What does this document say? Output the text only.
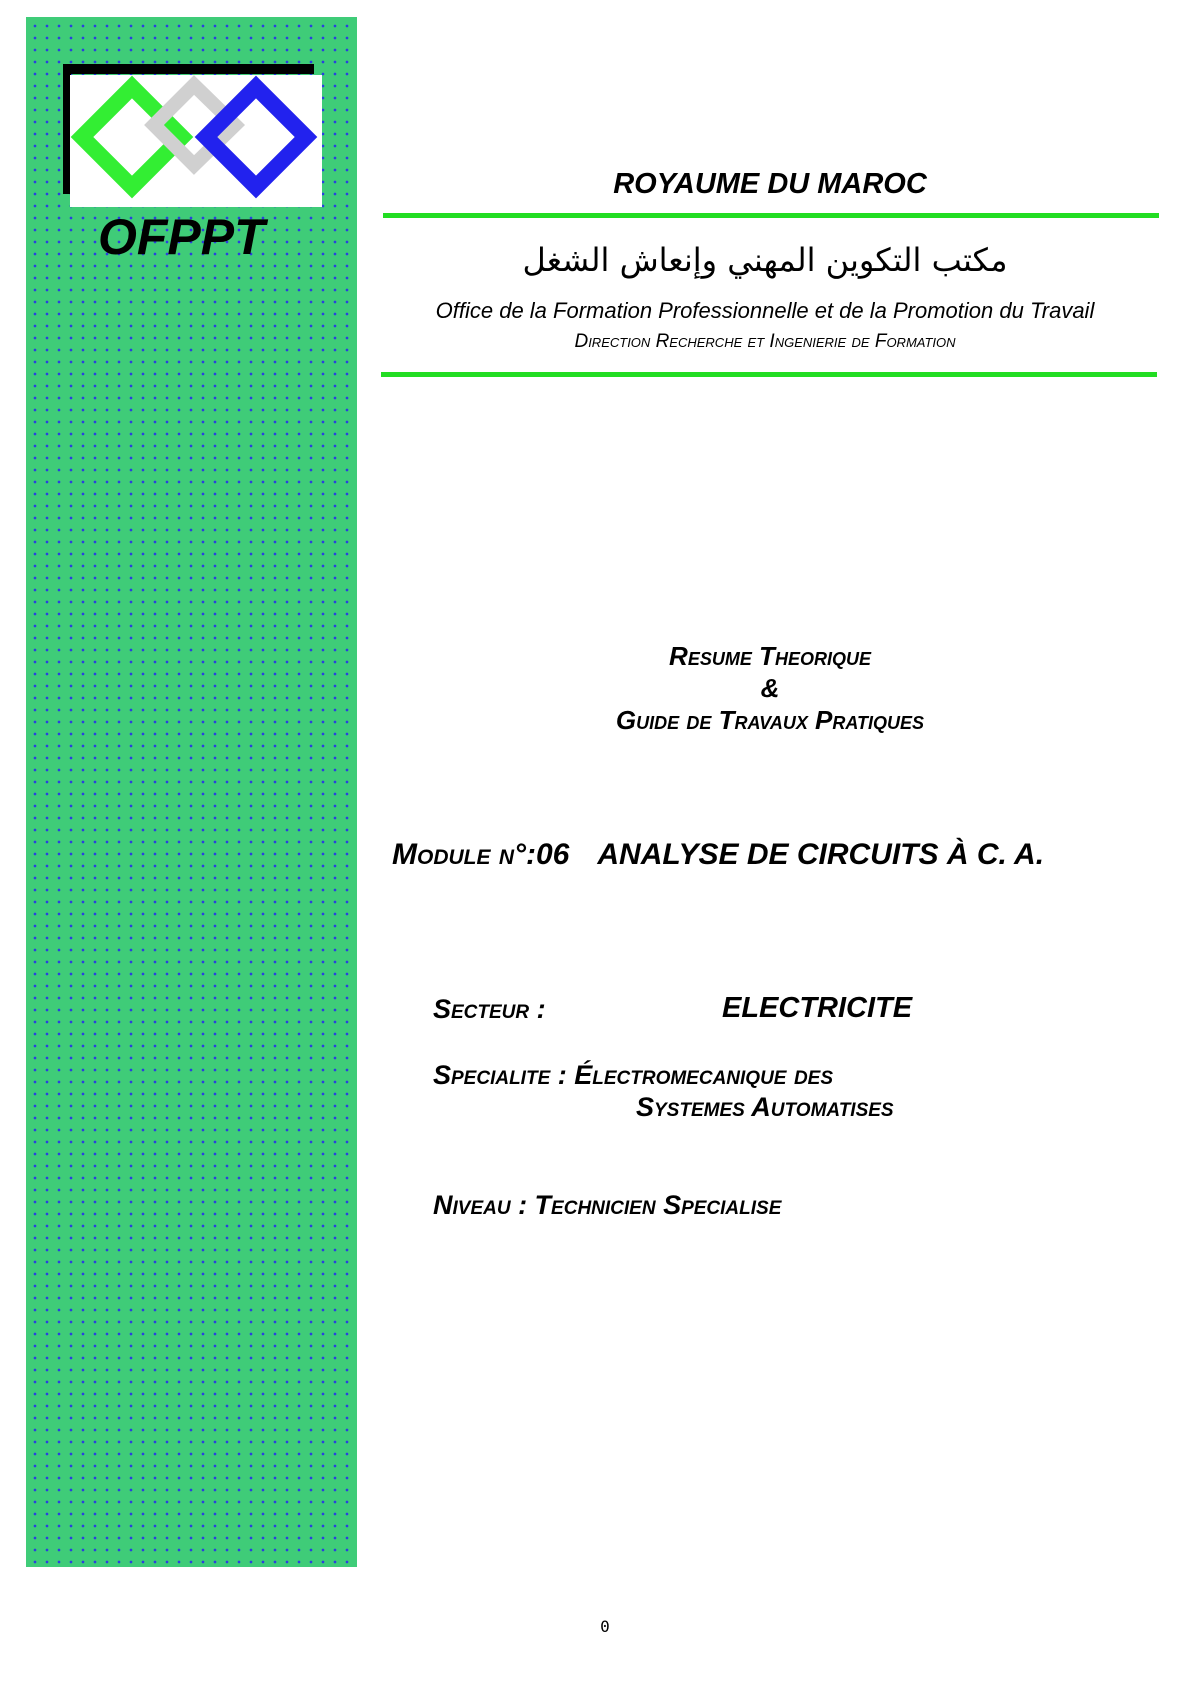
OFPPT
ROYAUME DU MAROC
مكتب التكوين المهني وإنعاش الشغل
Office de la Formation Professionnelle et de la Promotion du Travail
Direction Recherche et Ingenierie de Formation
Resume Theorique
&
Guide de Travaux Pratiques
Module n°:06 ANALYSE DE CIRCUITS À C. A.
Secteur :	ELECTRICITE
Specialite : Électromecanique des
Systemes Automatises
Niveau : Technicien Specialise
0
